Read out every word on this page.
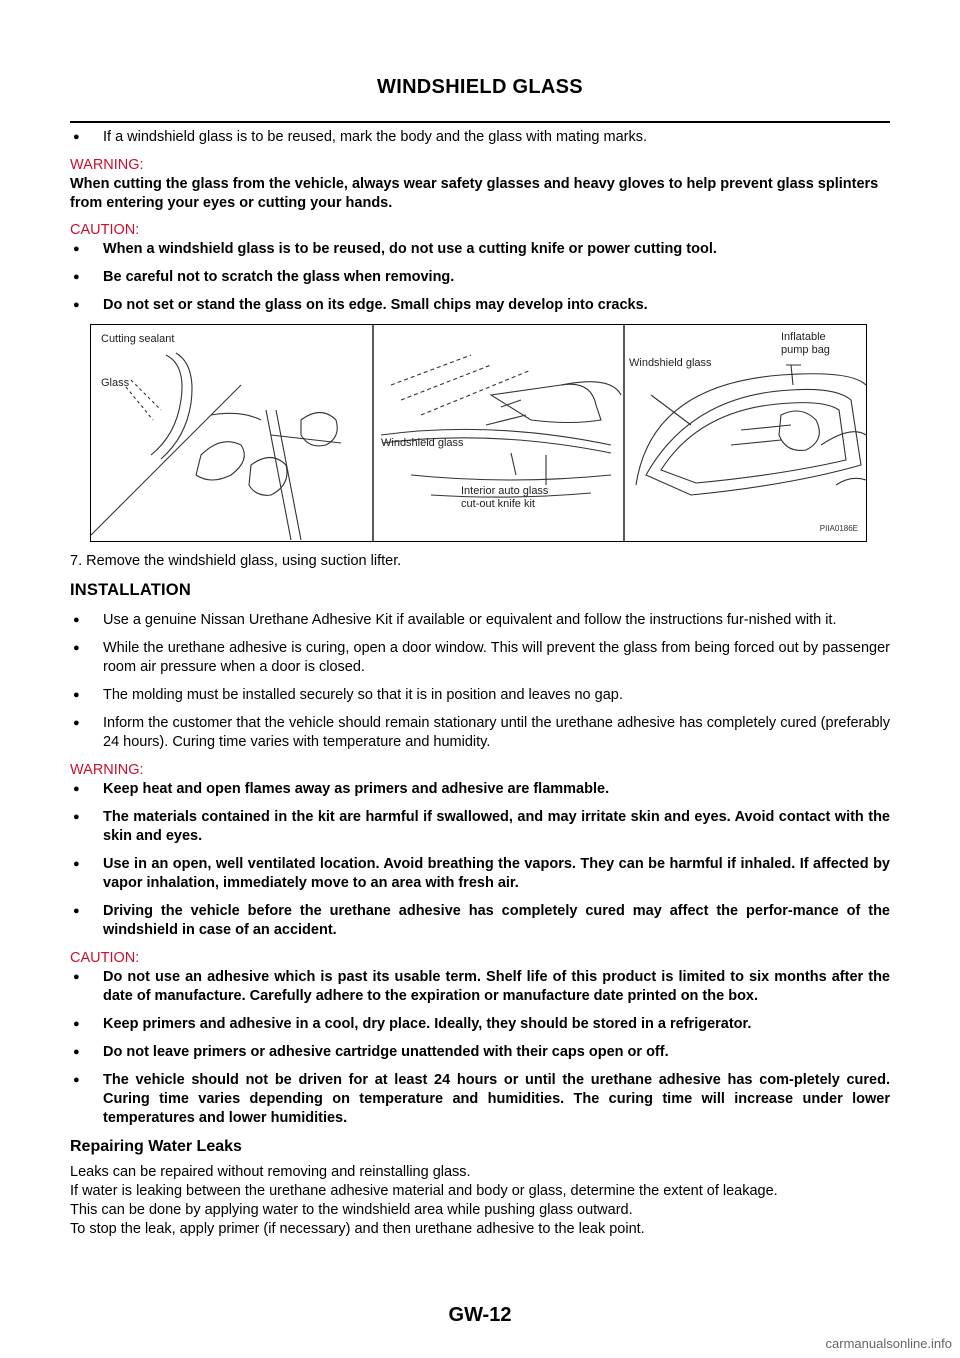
WINDSHIELD GLASS
● If a windshield glass is to be reused, mark the body and the glass with mating marks.
WARNING:
When cutting the glass from the vehicle, always wear safety glasses and heavy gloves to help prevent glass splinters from entering your eyes or cutting your hands.
CAUTION:
● When a windshield glass is to be reused, do not use a cutting knife or power cutting tool.
● Be careful not to scratch the glass when removing.
● Do not set or stand the glass on its edge. Small chips may develop into cracks.
Cutting sealant
Glass
Windshield glass
Interior auto glass
cut-out knife kit
Windshield glass
Inflatable
pump bag
PIIA0186E
7. Remove the windshield glass, using suction lifter.
INSTALLATION
● Use a genuine Nissan Urethane Adhesive Kit if available or equivalent and follow the instructions fur-nished with it.
● While the urethane adhesive is curing, open a door window. This will prevent the glass from being forced out by passenger room air pressure when a door is closed.
● The molding must be installed securely so that it is in position and leaves no gap.
● Inform the customer that the vehicle should remain stationary until the urethane adhesive has completely cured (preferably 24 hours). Curing time varies with temperature and humidity.
WARNING:
● Keep heat and open flames away as primers and adhesive are flammable.
● The materials contained in the kit are harmful if swallowed, and may irritate skin and eyes. Avoid contact with the skin and eyes.
● Use in an open, well ventilated location. Avoid breathing the vapors. They can be harmful if inhaled. If affected by vapor inhalation, immediately move to an area with fresh air.
● Driving the vehicle before the urethane adhesive has completely cured may affect the perfor-mance of the windshield in case of an accident.
CAUTION:
● Do not use an adhesive which is past its usable term. Shelf life of this product is limited to six months after the date of manufacture. Carefully adhere to the expiration or manufacture date printed on the box.
● Keep primers and adhesive in a cool, dry place. Ideally, they should be stored in a refrigerator.
● Do not leave primers or adhesive cartridge unattended with their caps open or off.
● The vehicle should not be driven for at least 24 hours or until the urethane adhesive has com-pletely cured. Curing time varies depending on temperature and humidities. The curing time will increase under lower temperatures and lower humidities.
Repairing Water Leaks

Leaks can be repaired without removing and reinstalling glass.

If water is leaking between the urethane adhesive material and body or glass, determine the extent of leakage.

This can be done by applying water to the windshield area while pushing glass outward.

To stop the leak, apply primer (if necessary) and then urethane adhesive to the leak point.

GW-12
carmanualsonline.info
